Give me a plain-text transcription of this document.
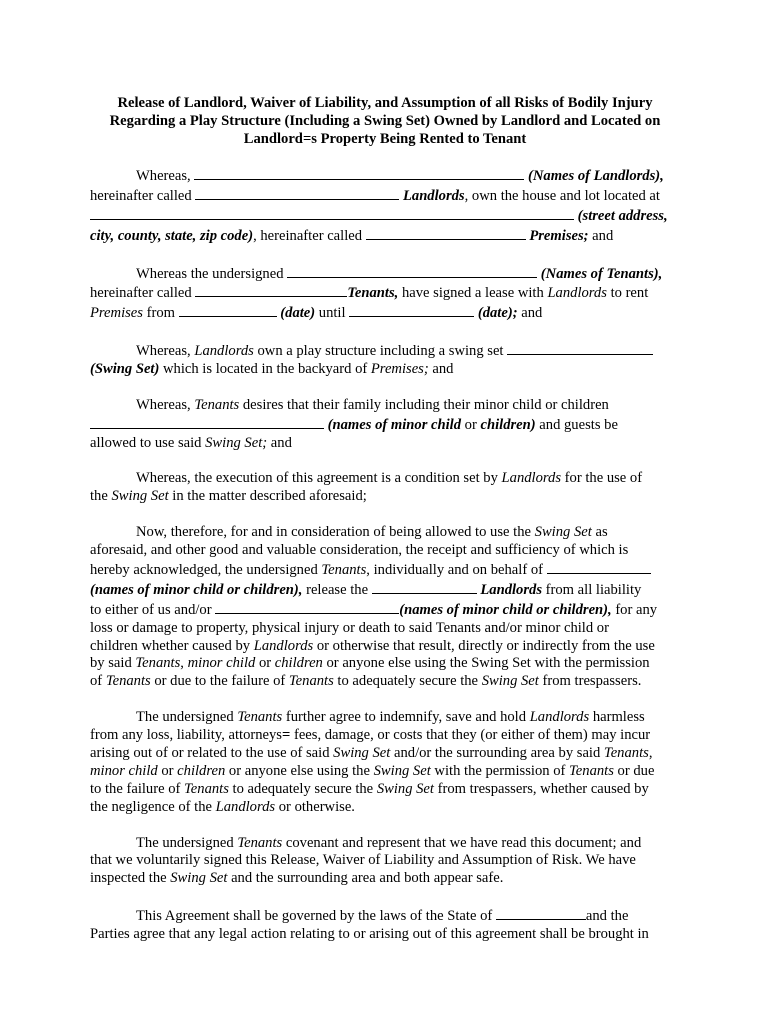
Release of Landlord, Waiver of Liability, and Assumption of all Risks of Bodily Injury
Regarding a Play Structure (Including a Swing Set) Owned by Landlord and Located on
Landlord=s Property Being Rented to Tenant
Whereas,	(Names of Landlords),
hereinafter called	Landlords, own the house and lot located at
(street address,
city, county, state, zip code), hereinafter called	Premises; and
Whereas the undersigned	(Names of Tenants),
hereinafter called	Tenants, have signed a lease with Landlords to rent
Premises from	(date) until	(date); and
Whereas, Landlords own a play structure including a swing set
(Swing Set) which is located in the backyard of Premises; and
Whereas, Tenants desires that their family including their minor child or children
(names of minor child or children) and guests be
allowed to use said Swing Set; and
Whereas, the execution of this agreement is a condition set by Landlords for the use of
the Swing Set in the matter described aforesaid;
Now, therefore, for and in consideration of being allowed to use the Swing Set as
aforesaid, and other good and valuable consideration, the receipt and sufficiency of which is
hereby acknowledged, the undersigned Tenants, individually and on behalf of
(names of minor child or children), release the	Landlords from all liability
to either of us and/or	(names of minor child or children), for any
loss or damage to property, physical injury or death to said Tenants and/or minor child or
children whether caused by Landlords or otherwise that result, directly or indirectly from the use
by said Tenants, minor child or children or anyone else using the Swing Set with the permission
of Tenants or due to the failure of Tenants to adequately secure the Swing Set from trespassers.
The undersigned Tenants further agree to indemnify, save and hold Landlords harmless
from any loss, liability, attorneys= fees, damage, or costs that they (or either of them) may incur
arising out of or related to the use of said Swing Set and/or the surrounding area by said Tenants,
minor child or children or anyone else using the Swing Set with the permission of Tenants or due
to the failure of Tenants to adequately secure the Swing Set from trespassers, whether caused by
the negligence of the Landlords or otherwise.
The undersigned Tenants covenant and represent that we have read this document; and
that we voluntarily signed this Release, Waiver of Liability and Assumption of Risk. We have
inspected the Swing Set and the surrounding area and both appear safe.
This Agreement shall be governed by the laws of the State of	and the
Parties agree that any legal action relating to or arising out of this agreement shall be brought in
